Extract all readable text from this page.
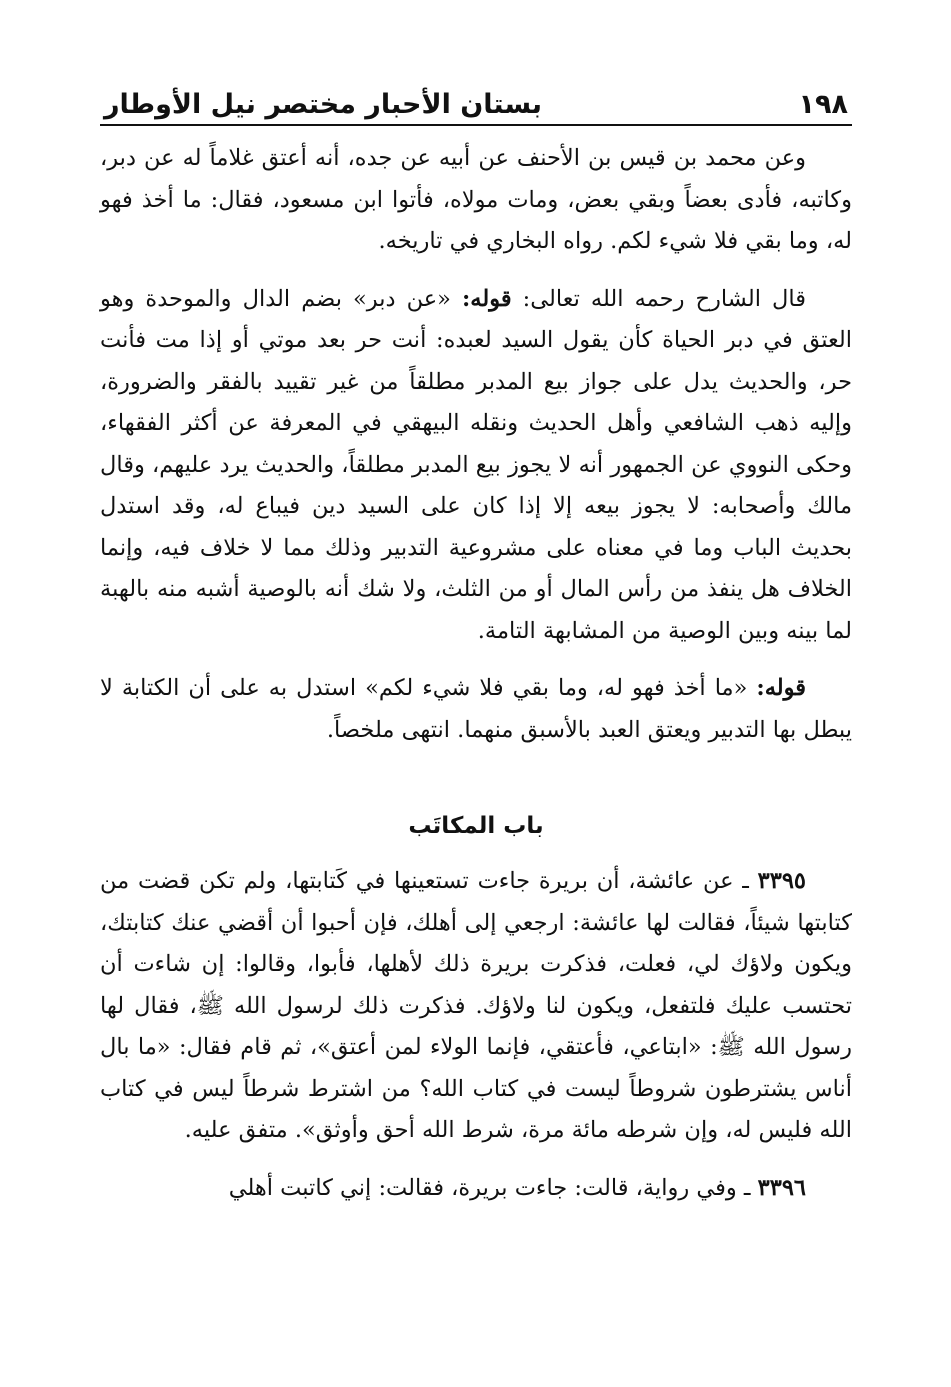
١٩٨
بستان الأحبار مختصر نيل الأوطار

وعن محمد بن قيس بن الأحنف عن أبيه عن جده، أنه أعتق غلاماً له عن دبر، وكاتبه، فأدى بعضاً وبقي بعض، ومات مولاه، فأتوا ابن مسعود، فقال: ما أخذ فهو له، وما بقي فلا شيء لكم. رواه البخاري في تاريخه.

قال الشارح رحمه الله تعالى: قوله: «عن دبر» بضم الدال والموحدة وهو العتق في دبر الحياة كأن يقول السيد لعبده: أنت حر بعد موتي أو إذا مت فأنت حر، والحديث يدل على جواز بيع المدبر مطلقاً من غير تقييد بالفقر والضرورة، وإليه ذهب الشافعي وأهل الحديث ونقله البيهقي في المعرفة عن أكثر الفقهاء، وحكى النووي عن الجمهور أنه لا يجوز بيع المدبر مطلقاً، والحديث يرد عليهم، وقال مالك وأصحابه: لا يجوز بيعه إلا إذا كان على السيد دين فيباع له، وقد استدل بحديث الباب وما في معناه على مشروعية التدبير وذلك مما لا خلاف فيه، وإنما الخلاف هل ينفذ من رأس المال أو من الثلث، ولا شك أنه بالوصية أشبه منه بالهبة لما بينه وبين الوصية من المشابهة التامة.

قوله: «ما أخذ فهو له، وما بقي فلا شيء لكم» استدل به على أن الكتابة لا يبطل بها التدبير ويعتق العبد بالأسبق منهما. انتهى ملخصاً.

باب المكاتَب

٣٣٩٥ ـ عن عائشة، أن بريرة جاءت تستعينها في كَتابتها، ولم تكن قضت من كتابتها شيئاً، فقالت لها عائشة: ارجعي إلى أهلك، فإن أحبوا أن أقضي عنك كتابتك، ويكون ولاؤك لي، فعلت، فذكرت بريرة ذلك لأهلها، فأبوا، وقالوا: إن شاءت أن تحتسب عليك فلتفعل، ويكون لنا ولاؤك. فذكرت ذلك لرسول الله ﷺ، فقال لها رسول الله ﷺ: «ابتاعي، فأعتقي، فإنما الولاء لمن أعتق»، ثم قام فقال: «ما بال أناس يشترطون شروطاً ليست في كتاب الله؟ من اشترط شرطاً ليس في كتاب الله فليس له، وإن شرطه مائة مرة، شرط الله أحق وأوثق». متفق عليه.

٣٣٩٦ ـ وفي رواية، قالت: جاءت بريرة، فقالت: إني كاتبت أهلي
